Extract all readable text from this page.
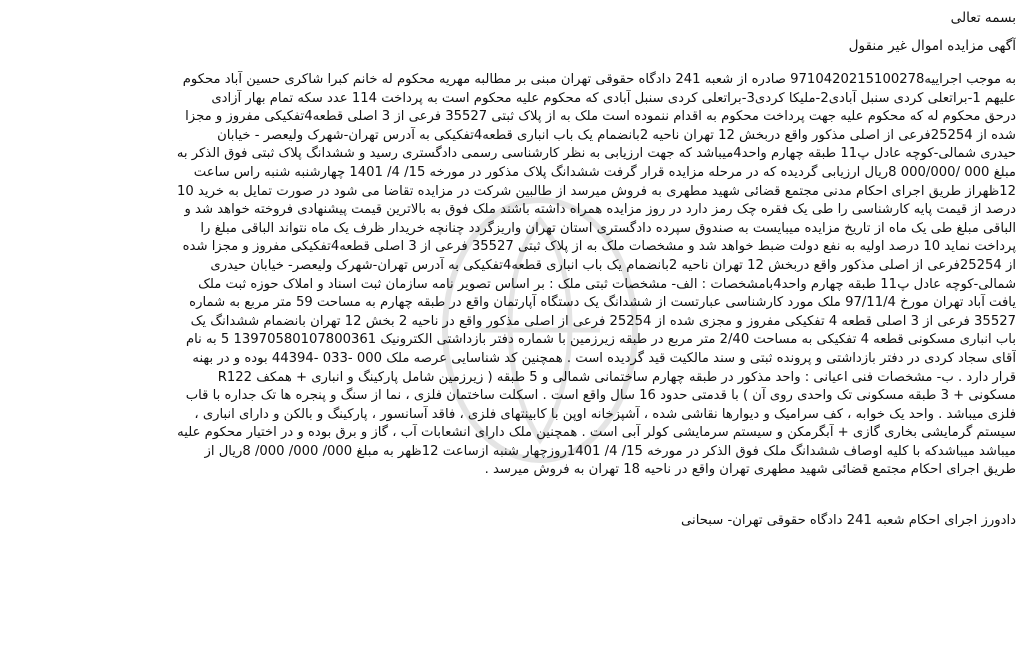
بسمه تعالی
آگهی مزایده اموال غیر منقول
به موجب اجراییه9710420215100278 صادره از شعبه 241 دادگاه حقوقی تهران مبنی بر مطالبه مهریه محکوم له خانم کبرا شاکری حسین آباد محکوم
علیهم 1-براتعلی کردی سنبل آبادی2-ملیکا کردی3-براتعلی کردی سنبل آبادی که محکوم علیه محکوم است به پرداخت 114 عدد سکه تمام بهار آزادی
درحق محکوم له که محکوم علیه جهت پرداخت محکوم به اقدام ننموده است ملک به از پلاک ثبتی 35527 فرعی از 3 اصلی قطعه4تفکیکی مفروز و مجزا
شده از 25254فرعی از اصلی مذکور واقع دربخش 12 تهران ناحیه 2بانضمام یک باب انباری قطعه4تفکیکی به آدرس تهران-شهرک ولیعصر - خیابان
حیدری شمالی-کوچه عادل پ11 طبقه چهارم واحد4میباشد که جهت ارزیابی به نظر کارشناسی رسمی دادگستری رسید و ششدانگ پلاک ثبتی فوق الذکر به
مبلغ 000 /000/000 8ریال ارزیابی گردیده که در مرحله مزایده قرار گرفت ششدانگ پلاک مذکور در مورخه 15/ 4/ 1401 چهارشنبه شنبه راس ساعت
12ظهراز طریق اجرای احکام مدنی مجتمع قضائی شهید مطهری به فروش میرسد از طالبین شرکت در مزایده تقاضا می شود در صورت تمایل به خرید 10
درصد از قیمت پایه کارشناسی را طی یک فقره چک رمز دارد در روز مزایده همراه داشته باشند ملک فوق به بالاترین قیمت پیشنهادی فروخته خواهد شد و
الباقی مبلغ طی یک ماه از تاریخ مزایده میبایست به صندوق سپرده دادگستری استان تهران واریزگردد چنانچه خریدار ظرف یک ماه نتواند الباقی مبلغ را
پرداخت نماید 10 درصد اولیه به نفع دولت ضبط خواهد شد و مشخصات ملک به از پلاک ثبتی 35527 فرعی از 3 اصلی قطعه4تفکیکی مفروز و مجزا شده
از 25254فرعی از اصلی مذکور واقع دربخش 12 تهران ناحیه 2بانضمام یک باب انباری قطعه4تفکیکی به آدرس تهران-شهرک ولیعصر- خیابان حیدری
شمالی-کوچه عادل پ11 طبقه چهارم واحد4بامشخصات : الف- مشخصات ثبتی ملک : بر اساس تصویر نامه سازمان ثبت اسناد و املاک حوزه ثبت ملک
یافت آباد تهران مورخ 97/11/4 ملک مورد کارشناسی عبارتست از ششدانگ یک دستگاه آپارتمان واقع در طبقه چهارم به مساحت 59 متر مربع به شماره
35527 فرعی از 3 اصلی قطعه 4 تفکیکی مفروز و مجزی شده از 25254 فرعی از اصلی مذکور واقع در ناحیه 2 بخش 12 تهران بانضمام ششدانگ یک
باب انباری مسکونی قطعه 4 تفکیکی به مساحت 2/40 متر مربع در طبقه زیرزمین با شماره دفتر بازداشتی الکترونیک 13970580107800361 5 به نام
آقای سجاد کردی در دفتر بازداشتی و پرونده ثبتی و سند مالکیت قید گردیده است . همچنین کد شناسایی عرصه ملک 000 -033 -44394 بوده و در بهنه
R122 قرار دارد . ب- مشخصات فنی اعیانی : واحد مذکور در طبقه چهارم ساختمانی شمالی و 5 طبقه ( زیرزمین شامل پارکینگ و انباری + همکف
مسکونی + 3 طبقه مسکونی تک واحدی روی آن ) با قدمتی حدود 16 سال واقع است . اسکلت ساختمان فلزی ، نما از سنگ و پنجره ها تک جداره با قاب
فلزی میباشد . واحد یک خوابه ، کف سرامیک و دیوارها نقاشی شده ، آشپزخانه اوپن با کابینتهای فلزی ، فاقد آسانسور ، پارکینگ و بالکن و دارای انباری ،
سیستم گرمایشی بخاری گازی + آبگرمکن و سیستم سرمایشی کولر آبی است . همچنین ملک دارای انشعابات آب ، گاز و برق بوده و در اختیار محکوم علیه
میباشد میباشدکه با کلیه اوصاف ششدانگ ملک فوق الذکر در مورخه 15/ 4/ 1401روزچهار شنبه ازساعت 12ظهر به مبلغ 000/ 000/ 000/ 8ریال از
طریق اجرای احکام مجتمع قضائی شهید مطهری تهران واقع در ناحیه 18 تهران به فروش میرسد .
دادورز اجرای احکام شعبه 241 دادگاه حقوقی تهران- سبحانی
